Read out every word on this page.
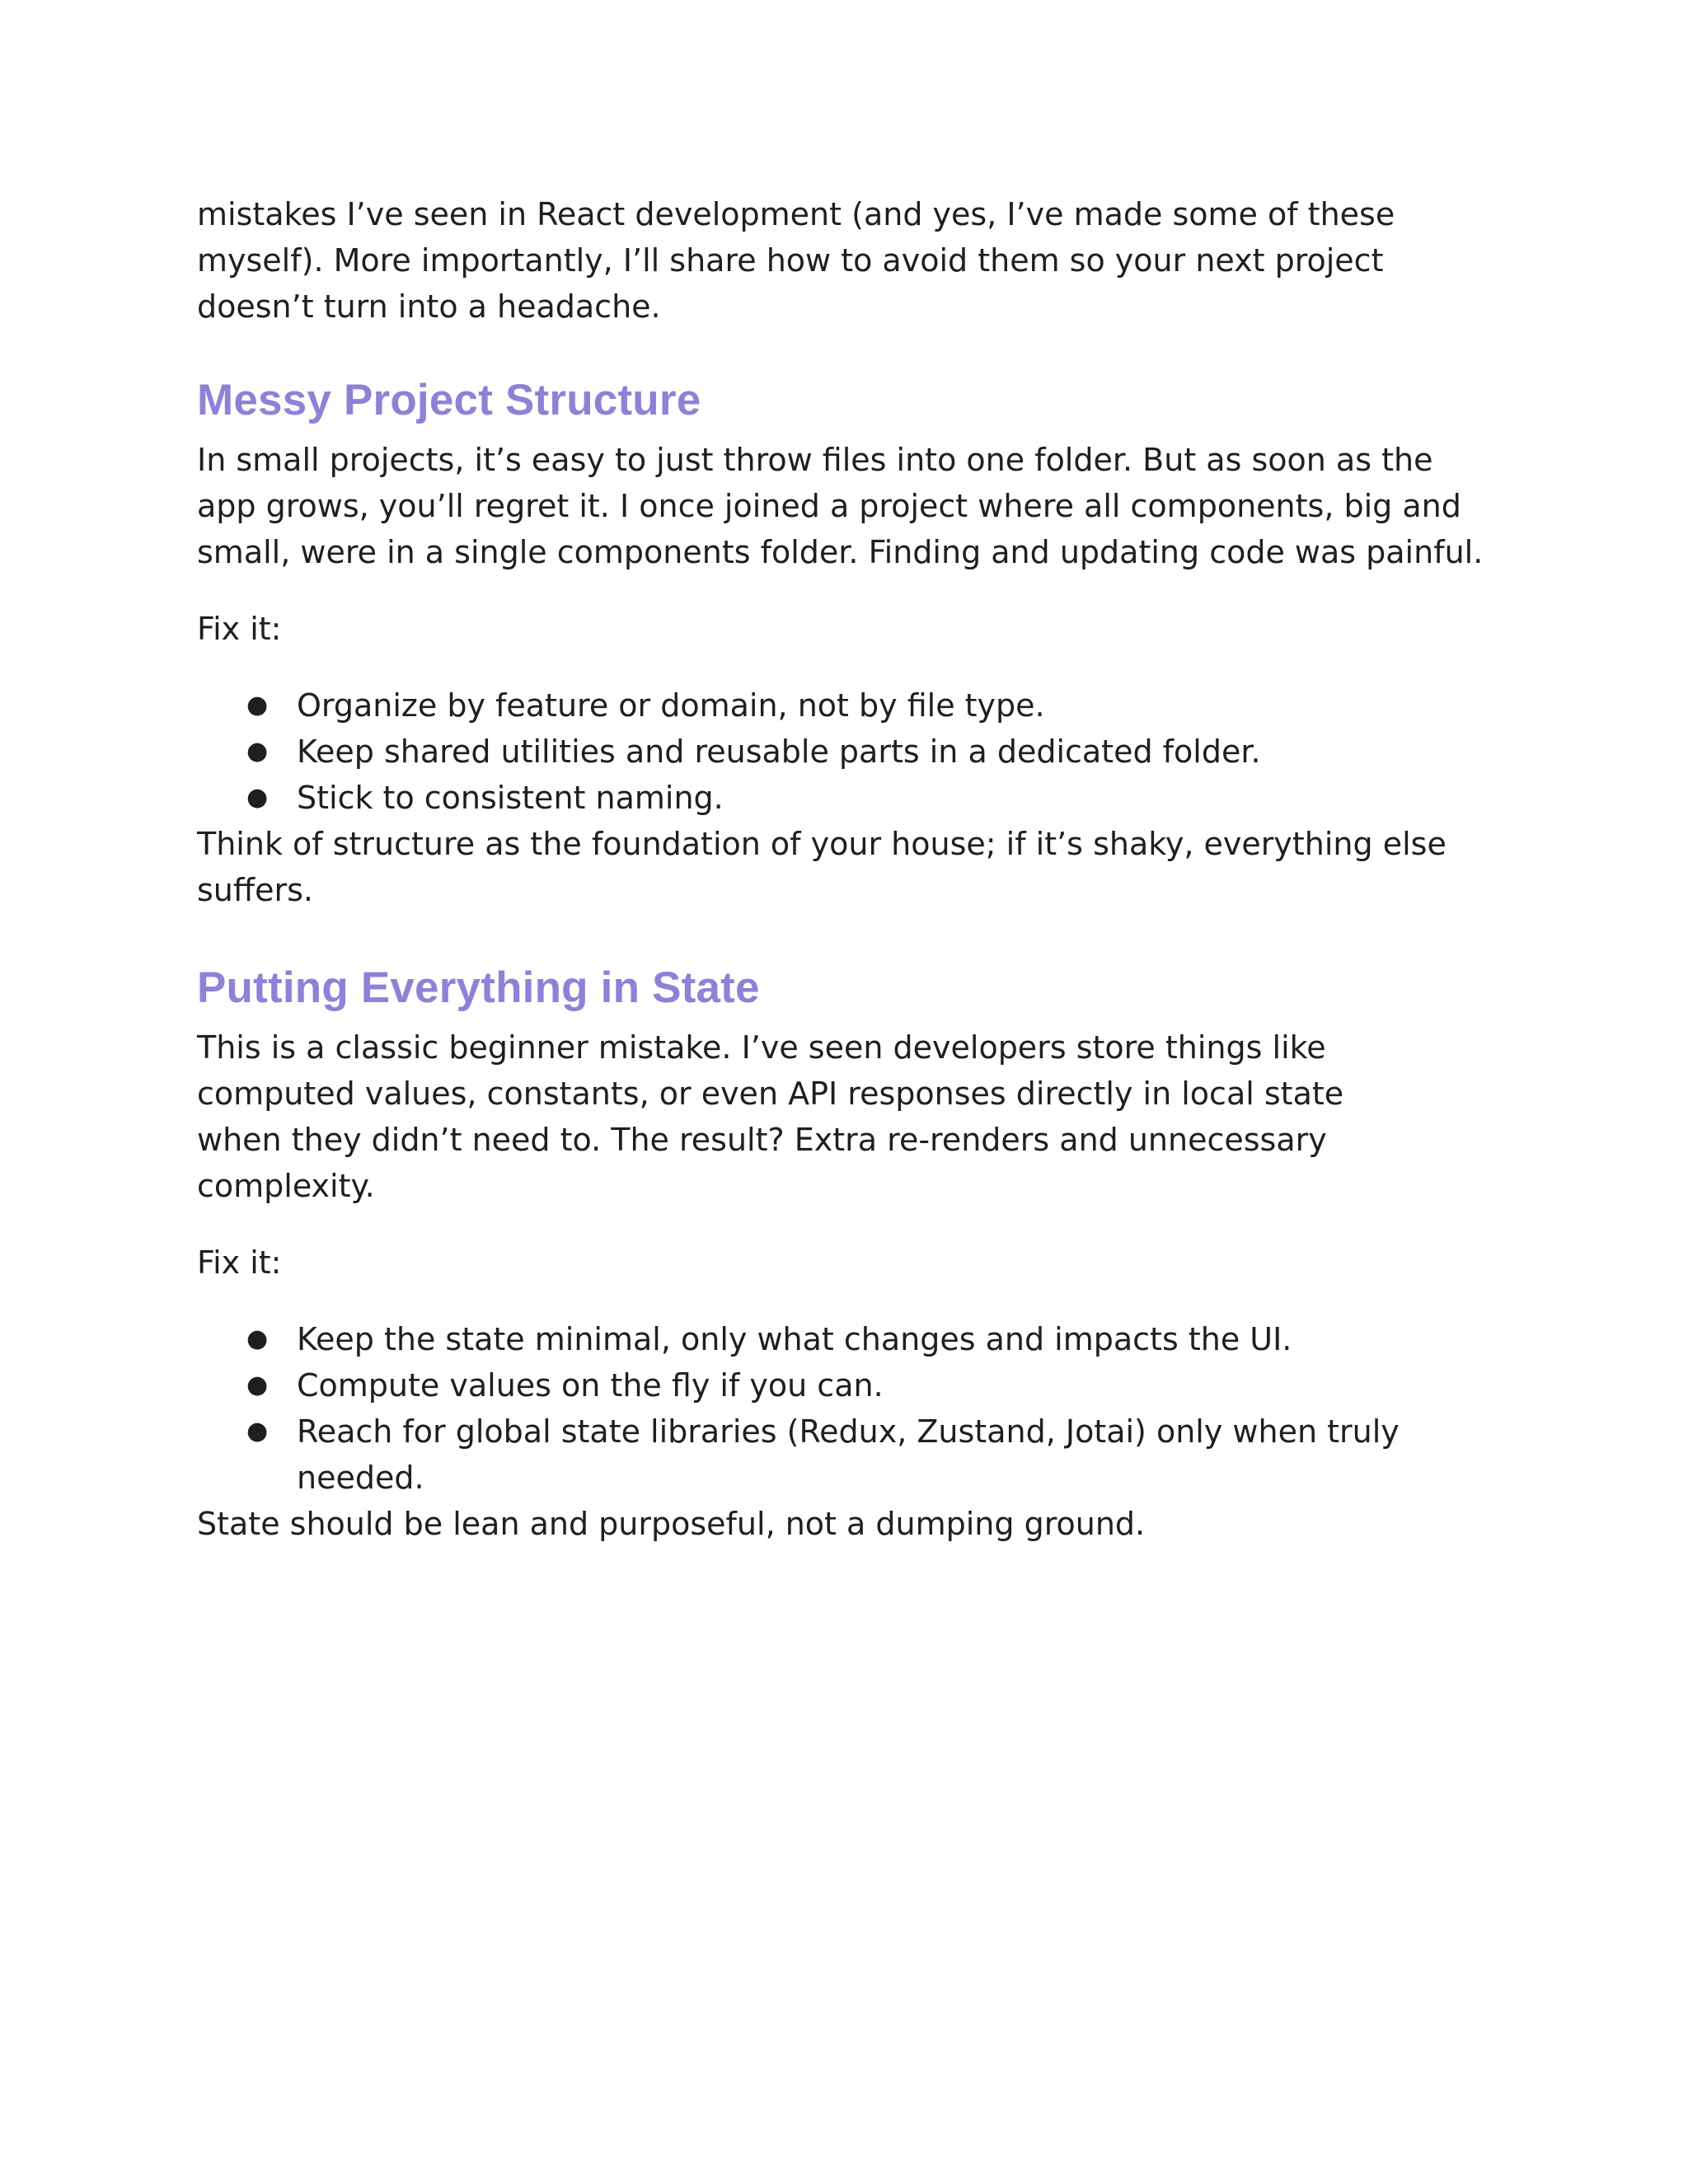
mistakes I’ve seen in React development (and yes, I’ve made some of these myself). More importantly, I’ll share how to avoid them so your next project doesn’t turn into a headache.

Messy Project Structure

In small projects, it’s easy to just throw files into one folder. But as soon as the app grows, you’ll regret it. I once joined a project where all components, big and small, were in a single components folder. Finding and updating code was painful.

Fix it:

● Organize by feature or domain, not by file type.
● Keep shared utilities and reusable parts in a dedicated folder.
● Stick to consistent naming.

Think of structure as the foundation of your house; if it’s shaky, everything else suffers.

Putting Everything in State

This is a classic beginner mistake. I’ve seen developers store things like computed values, constants, or even API responses directly in local state when they didn’t need to. The result? Extra re-renders and unnecessary complexity.

Fix it:

● Keep the state minimal, only what changes and impacts the UI.
● Compute values on the fly if you can.
● Reach for global state libraries (Redux, Zustand, Jotai) only when truly needed.

State should be lean and purposeful, not a dumping ground.
